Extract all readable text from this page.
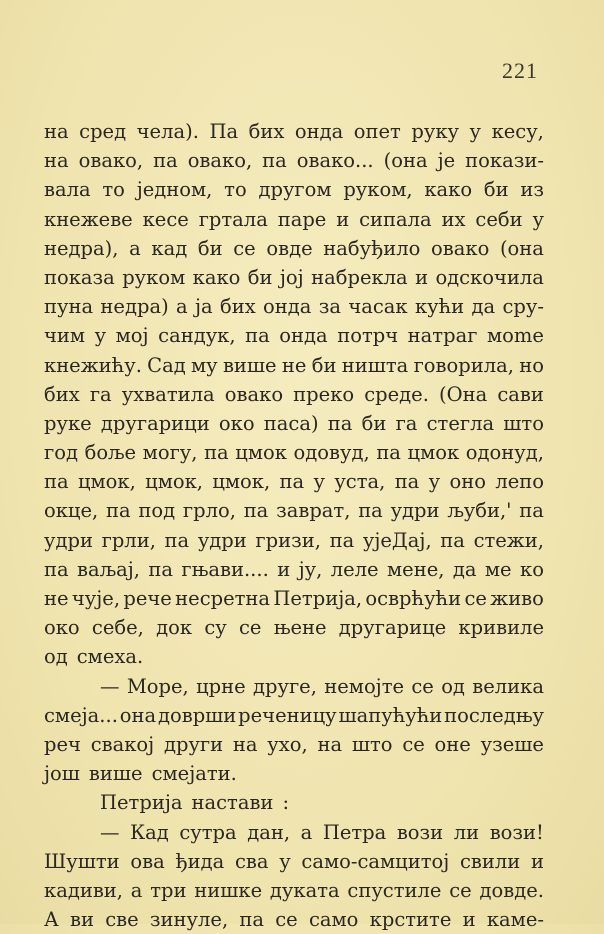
221
на сред чела). Па бих онда опет руку у кесу,
на овако, па овако, па овако... (она је покази-
вала то једном, то другом руком, како би из
кнежеве кесе гртала паре и сипала их себи у
недра), а кад би се овде набуђило овако (она
показа руком како би јој набрекла и одскочила
пуна недра) а ја бих онда за часак кући да сру-
чим у мој сандук, па онда потрч натраг мome
кнежићу. Сад му више не би ништа говорила, но
бих га ухватила овако преко среде. (Она сави
руке другарици око паса) па би га стегла што
год боље могу, па цмок одовуд, па цмок одонуд,
па цмок, цмок, цмок, па у уста, па у оно лепо
окце, па под грло, па заврат, па удри љуби,' па
удри грли, па удри гризи, па ујеДај, па стежи,
па ваљај, па гњави.... и ју, леле мене, да ме ко
не чује, рече несретна Петрија, осврћући се живо
око себе, док су се њене другарице кривиле
од смеха.
— Море, црне друге, немојте се од велика
смеја... она доврши реченицу шапућући последњу
реч свакој други на ухо, на што се оне узеше
још више смејати.
Петрија настави :
— Кад сутра дан, а Петра вози ли вози!
Шушти ова ђида сва у само-самцитој свили и
кадиви, а три нишке дуката спустиле се довде.
А ви све зинуле, па се само крстите и каме-
